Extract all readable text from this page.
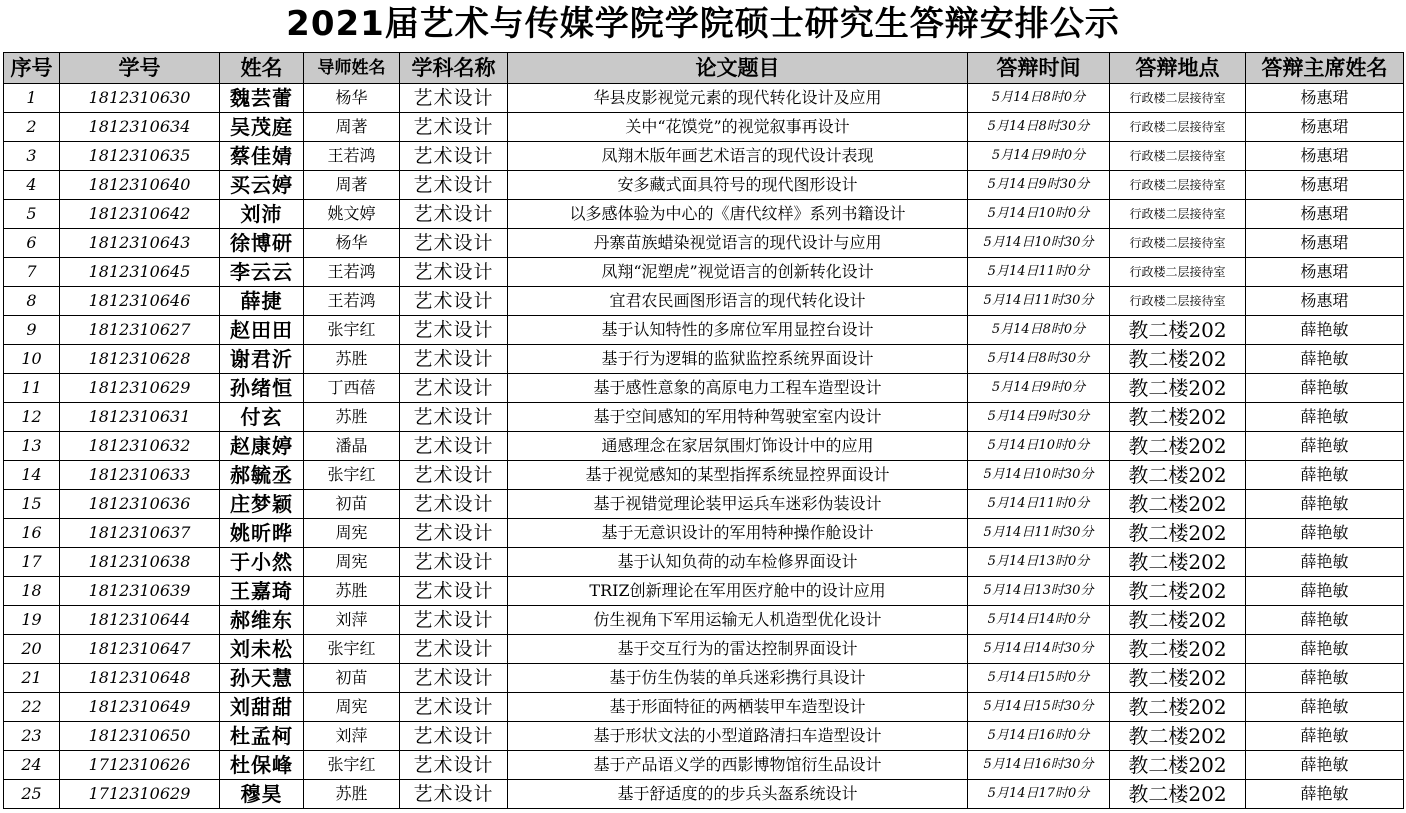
2021届艺术与传媒学院学院硕士研究生答辩安排公示
序号	学号	姓名	导师姓名	学科名称	论文题目	答辩时间	答辩地点	答辩主席姓名
1	1812310630	魏芸蕾	杨华	艺术设计	华县皮影视觉元素的现代转化设计及应用	5月14日8时0分	行政楼二层接待室	杨惠珺
2	1812310634	吴茂庭	周著	艺术设计	关中“花馍党”的视觉叙事再设计	5月14日8时30分	行政楼二层接待室	杨惠珺
3	1812310635	蔡佳婧	王若鸿	艺术设计	凤翔木版年画艺术语言的现代设计表现	5月14日9时0分	行政楼二层接待室	杨惠珺
4	1812310640	买云婷	周著	艺术设计	安多藏式面具符号的现代图形设计	5月14日9时30分	行政楼二层接待室	杨惠珺
5	1812310642	刘沛	姚文婷	艺术设计	以多感体验为中心的《唐代纹样》系列书籍设计	5月14日10时0分	行政楼二层接待室	杨惠珺
6	1812310643	徐博研	杨华	艺术设计	丹寨苗族蜡染视觉语言的现代设计与应用	5月14日10时30分	行政楼二层接待室	杨惠珺
7	1812310645	李云云	王若鸿	艺术设计	凤翔“泥塑虎”视觉语言的创新转化设计	5月14日11时0分	行政楼二层接待室	杨惠珺
8	1812310646	薛捷	王若鸿	艺术设计	宜君农民画图形语言的现代转化设计	5月14日11时30分	行政楼二层接待室	杨惠珺
9	1812310627	赵田田	张宇红	艺术设计	基于认知特性的多席位军用显控台设计	5月14日8时0分	教二楼202	薛艳敏
10	1812310628	谢君沂	苏胜	艺术设计	基于行为逻辑的监狱监控系统界面设计	5月14日8时30分	教二楼202	薛艳敏
11	1812310629	孙绪恒	丁西蓓	艺术设计	基于感性意象的高原电力工程车造型设计	5月14日9时0分	教二楼202	薛艳敏
12	1812310631	付玄	苏胜	艺术设计	基于空间感知的军用特种驾驶室室内设计	5月14日9时30分	教二楼202	薛艳敏
13	1812310632	赵康婷	潘晶	艺术设计	通感理念在家居氛围灯饰设计中的应用	5月14日10时0分	教二楼202	薛艳敏
14	1812310633	郝毓丞	张宇红	艺术设计	基于视觉感知的某型指挥系统显控界面设计	5月14日10时30分	教二楼202	薛艳敏
15	1812310636	庄梦颖	初苗	艺术设计	基于视错觉理论装甲运兵车迷彩伪装设计	5月14日11时0分	教二楼202	薛艳敏
16	1812310637	姚昕晔	周宪	艺术设计	基于无意识设计的军用特种操作舱设计	5月14日11时30分	教二楼202	薛艳敏
17	1812310638	于小然	周宪	艺术设计	基于认知负荷的动车检修界面设计	5月14日13时0分	教二楼202	薛艳敏
18	1812310639	王嘉琦	苏胜	艺术设计	TRIZ创新理论在军用医疗舱中的设计应用	5月14日13时30分	教二楼202	薛艳敏
19	1812310644	郝维东	刘萍	艺术设计	仿生视角下军用运输无人机造型优化设计	5月14日14时0分	教二楼202	薛艳敏
20	1812310647	刘未松	张宇红	艺术设计	基于交互行为的雷达控制界面设计	5月14日14时30分	教二楼202	薛艳敏
21	1812310648	孙天慧	初苗	艺术设计	基于仿生伪装的单兵迷彩携行具设计	5月14日15时0分	教二楼202	薛艳敏
22	1812310649	刘甜甜	周宪	艺术设计	基于形面特征的两栖装甲车造型设计	5月14日15时30分	教二楼202	薛艳敏
23	1812310650	杜孟柯	刘萍	艺术设计	基于形状文法的小型道路清扫车造型设计	5月14日16时0分	教二楼202	薛艳敏
24	1712310626	杜保峰	张宇红	艺术设计	基于产品语义学的西影博物馆衍生品设计	5月14日16时30分	教二楼202	薛艳敏
25	1712310629	穆昊	苏胜	艺术设计	基于舒适度的的步兵头盔系统设计	5月14日17时0分	教二楼202	薛艳敏
